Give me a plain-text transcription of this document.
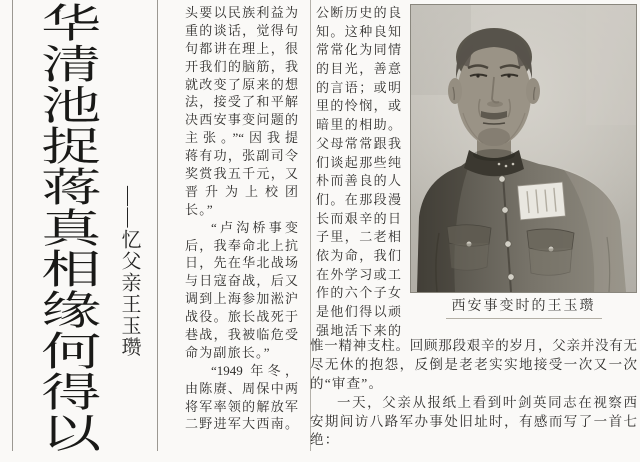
华清池捉蒋真相缘何得以 ——忆父亲王玉瓒
头要以民族利益为
重的谈话，觉得句
句都讲在理上，很
开我们的脑筋，我
就改变了原来的想
法，接受了和平解
决西安事变问题的
主张。”“因我提
蒋有功，张副司令
奖赏我五千元，又
晋升为上校团
长。”
“卢沟桥事变
后，我奉命北上抗
日，先在华北战场
与日寇奋战，后又
调到上海参加淞沪
战役。旅长战死于
巷战，我被临危受
命为副旅长。”
“1949 年冬，
由陈赓、周保中两
将军率领的解放军
二野进军大西南。
公断历史的良
知。这种良知
常常化为同情
的目光，善意
的言语；或明
里的怜悯，或
暗里的相助。
父母常常跟我
们谈起那些纯
朴而善良的人
们。在那段漫
长而艰辛的日
子里，二老相
依为命，我们
在外学习或工
作的六个子女
是他们得以顽
强地活下来的
惟一精神支柱。回顾那段艰辛的岁月，父亲并没有无
尽无休的抱怨，反倒是老老实实地接受一次又一次
的“审查”。
一天，父亲从报纸上看到叶剑英同志在视察西
安期间访八路军办事处旧址时，有感而写了一首七
绝：
西安事变时的王玉瓒
